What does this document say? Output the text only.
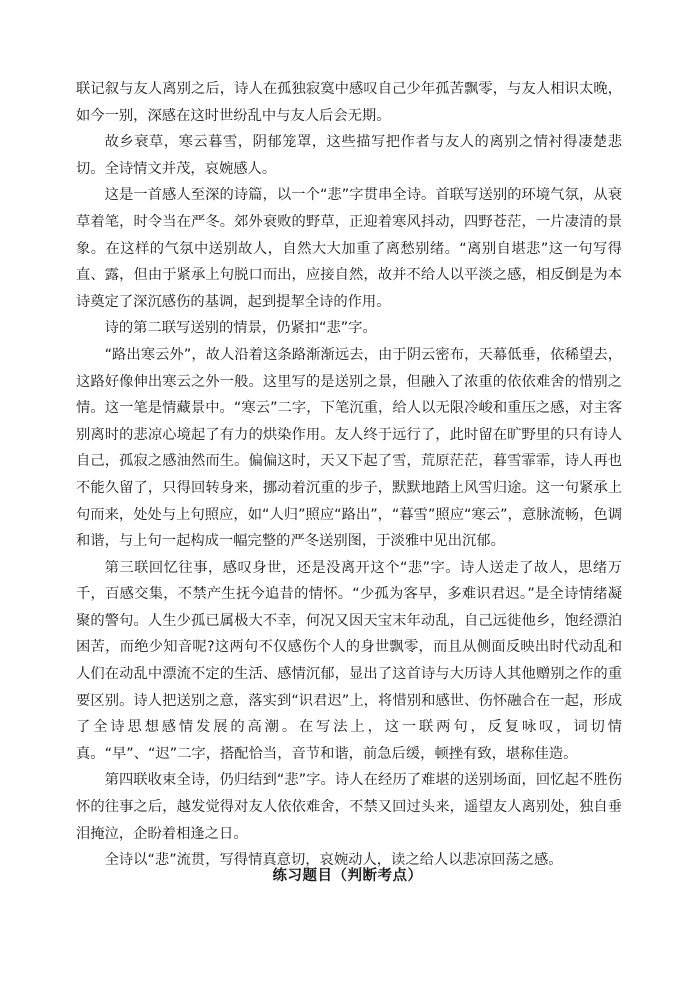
联记叙与友人离别之后，诗人在孤独寂寞中感叹自己少年孤苦飘零，与友人相识太晚，如今一别，深感在这时世纷乱中与友人后会无期。

故乡衰草，寒云暮雪，阴郁笼罩，这些描写把作者与友人的离别之情衬得凄楚悲切。全诗情文并茂，哀婉感人。

这是一首感人至深的诗篇，以一个“悲”字贯串全诗。首联写送别的环境气氛，从衰草着笔，时令当在严冬。郊外衰败的野草，正迎着寒风抖动，四野苍茫，一片凄清的景象。在这样的气氛中送别故人，自然大大加重了离愁别绪。“离别自堪悲”这一句写得直、露，但由于紧承上句脱口而出，应接自然，故并不给人以平淡之感，相反倒是为本诗奠定了深沉感伤的基调，起到提挈全诗的作用。

诗的第二联写送别的情景，仍紧扣“悲”字。

“路出寒云外”，故人沿着这条路渐渐远去，由于阴云密布，天幕低垂，依稀望去，这路好像伸出寒云之外一般。这里写的是送别之景，但融入了浓重的依依难舍的惜别之情。这一笔是情藏景中。“寒云”二字，下笔沉重，给人以无限冷峻和重压之感，对主客别离时的悲凉心境起了有力的烘染作用。友人终于远行了，此时留在旷野里的只有诗人自己，孤寂之感油然而生。偏偏这时，天又下起了雪，荒原茫茫，暮雪霏霏，诗人再也不能久留了，只得回转身来，挪动着沉重的步子，默默地踏上风雪归途。这一句紧承上句而来，处处与上句照应，如“人归”照应“路出”，“暮雪”照应“寒云”，意脉流畅，色调和谐，与上句一起构成一幅完整的严冬送别图，于淡雅中见出沉郁。

第三联回忆往事，感叹身世，还是没离开这个“悲”字。诗人送走了故人，思绪万千，百感交集，不禁产生抚今追昔的情怀。“少孤为客早，多难识君迟。”是全诗情绪凝聚的警句。人生少孤已属极大不幸，何况又因天宝末年动乱，自己远徙他乡，饱经漂泊困苦，而绝少知音呢?这两句不仅感伤个人的身世飘零，而且从侧面反映出时代动乱和人们在动乱中漂流不定的生活、感情沉郁，显出了这首诗与大历诗人其他赠别之作的重要区别。诗人把送别之意，落实到“识君迟”上，将惜别和感世、伤怀融合在一起，形成了全诗思想感情发展的高潮。在写法上，这一联两句，反复咏叹，词切情真。“早”、“迟”二字，搭配恰当，音节和谐，前急后缓，顿挫有致，堪称佳造。

第四联收束全诗，仍归结到“悲”字。诗人在经历了难堪的送别场面，回忆起不胜伤怀的往事之后，越发觉得对友人依依难舍，不禁又回过头来，遥望友人离别处，独自垂泪掩泣，企盼着相逢之日。

全诗以“悲”流贯，写得情真意切，哀婉动人，读之给人以悲凉回荡之感。

练习题目（判断考点）
